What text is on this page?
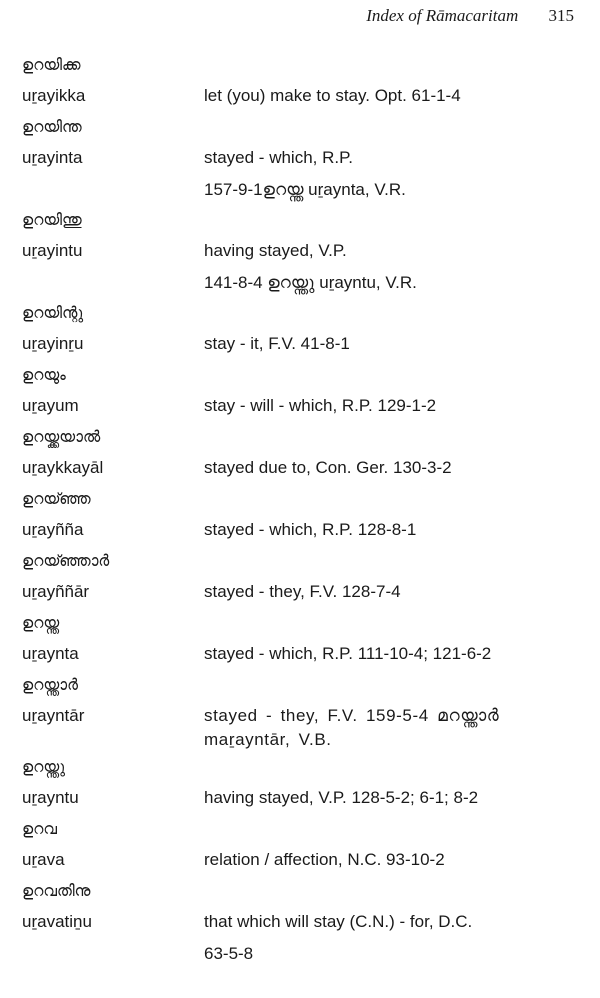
Index of Rāmacaritam 315
ഉറയിക്ക
uṟayikka	let (you) make to stay. Opt. 61-1-4
ഉറയിന്ത
uṟayinta	stayed - which, R.P.
157-9-1ഉറയ്ന്ത uṟaynta, V.R.
ഉറയിന്തു
uṟayintu	having stayed, V.P.
141-8-4 ഉറയ്ന്തു uṟayntu, V.R.
ഉറയിന്റു
uṟayinṟu	stay - it, F.V. 41-8-1
ഉറയും
uṟayum	stay - will - which, R.P. 129-1-2
ഉറയ്ക്കയാൽ
uṟaykkayāl	stayed due to, Con. Ger. 130-3-2
ഉറയ്ഞ്ഞ
uṟayñña	stayed - which, R.P. 128-8-1
ഉറയ്ഞ്ഞാർ
uṟayññār	stayed - they, F.V. 128-7-4
ഉറയ്ന്ത
uṟaynta	stayed - which, R.P. 111-10-4; 121-6-2
ഉറയ്ന്താർ
uṟayntār	stayed - they, F.V. 159-5-4 മറയ്ന്താർ maṟayntār, V.B.
ഉറയ്ന്തു
uṟayntu	having stayed, V.P. 128-5-2; 6-1; 8-2
ഉറവ
uṟava	relation / affection, N.C. 93-10-2
ഉറവതിനു
uṟavatiṉu	that which will stay (C.N.) - for, D.C.
63-5-8
